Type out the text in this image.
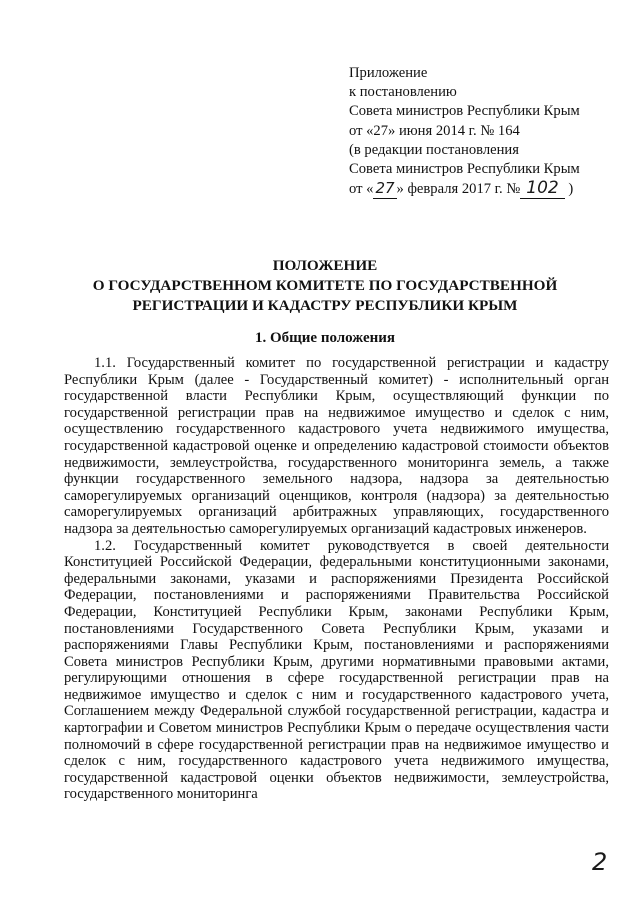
Приложение
к постановлению
Совета министров Республики Крым
от «27» июня 2014 г. № 164
(в редакции постановления
Совета министров Республики Крым
от « 27 » февраля 2017 г. № 102 )
ПОЛОЖЕНИЕ
О ГОСУДАРСТВЕННОМ КОМИТЕТЕ ПО ГОСУДАРСТВЕННОЙ
РЕГИСТРАЦИИ И КАДАСТРУ РЕСПУБЛИКИ КРЫМ
1. Общие положения

1.1. Государственный комитет по государственной регистрации и кадастру Республики Крым (далее - Государственный комитет) - исполнительный орган государственной власти Республики Крым, осуществляющий функции по государственной регистрации прав на недвижимое имущество и сделок с ним, осуществлению государственного кадастрового учета недвижимого имущества, государственной кадастровой оценке и определению кадастровой стоимости объектов недвижимости, землеустройства, государственного мониторинга земель, а также функции государственного земельного надзора, надзора за деятельностью саморегулируемых организаций оценщиков, контроля (надзора) за деятельностью саморегулируемых организаций арбитражных управляющих, государственного надзора за деятельностью саморегулируемых организаций кадастровых инженеров.

1.2. Государственный комитет руководствуется в своей деятельности Конституцией Российской Федерации, федеральными конституционными законами, федеральными законами, указами и распоряжениями Президента Российской Федерации, постановлениями и распоряжениями Правительства Российской Федерации, Конституцией Республики Крым, законами Республики Крым, постановлениями Государственного Совета Республики Крым, указами и распоряжениями Главы Республики Крым, постановлениями и распоряжениями Совета министров Республики Крым, другими нормативными правовыми актами, регулирующими отношения в сфере государственной регистрации прав на недвижимое имущество и сделок с ним и государственного кадастрового учета, Соглашением между Федеральной службой государственной регистрации, кадастра и картографии и Советом министров Республики Крым о передаче осуществления части полномочий в сфере государственной регистрации прав на недвижимое имущество и сделок с ним, государственного кадастрового учета недвижимого имущества, государственной кадастровой оценки объектов недвижимости, землеустройства, государственного мониторинга

2
